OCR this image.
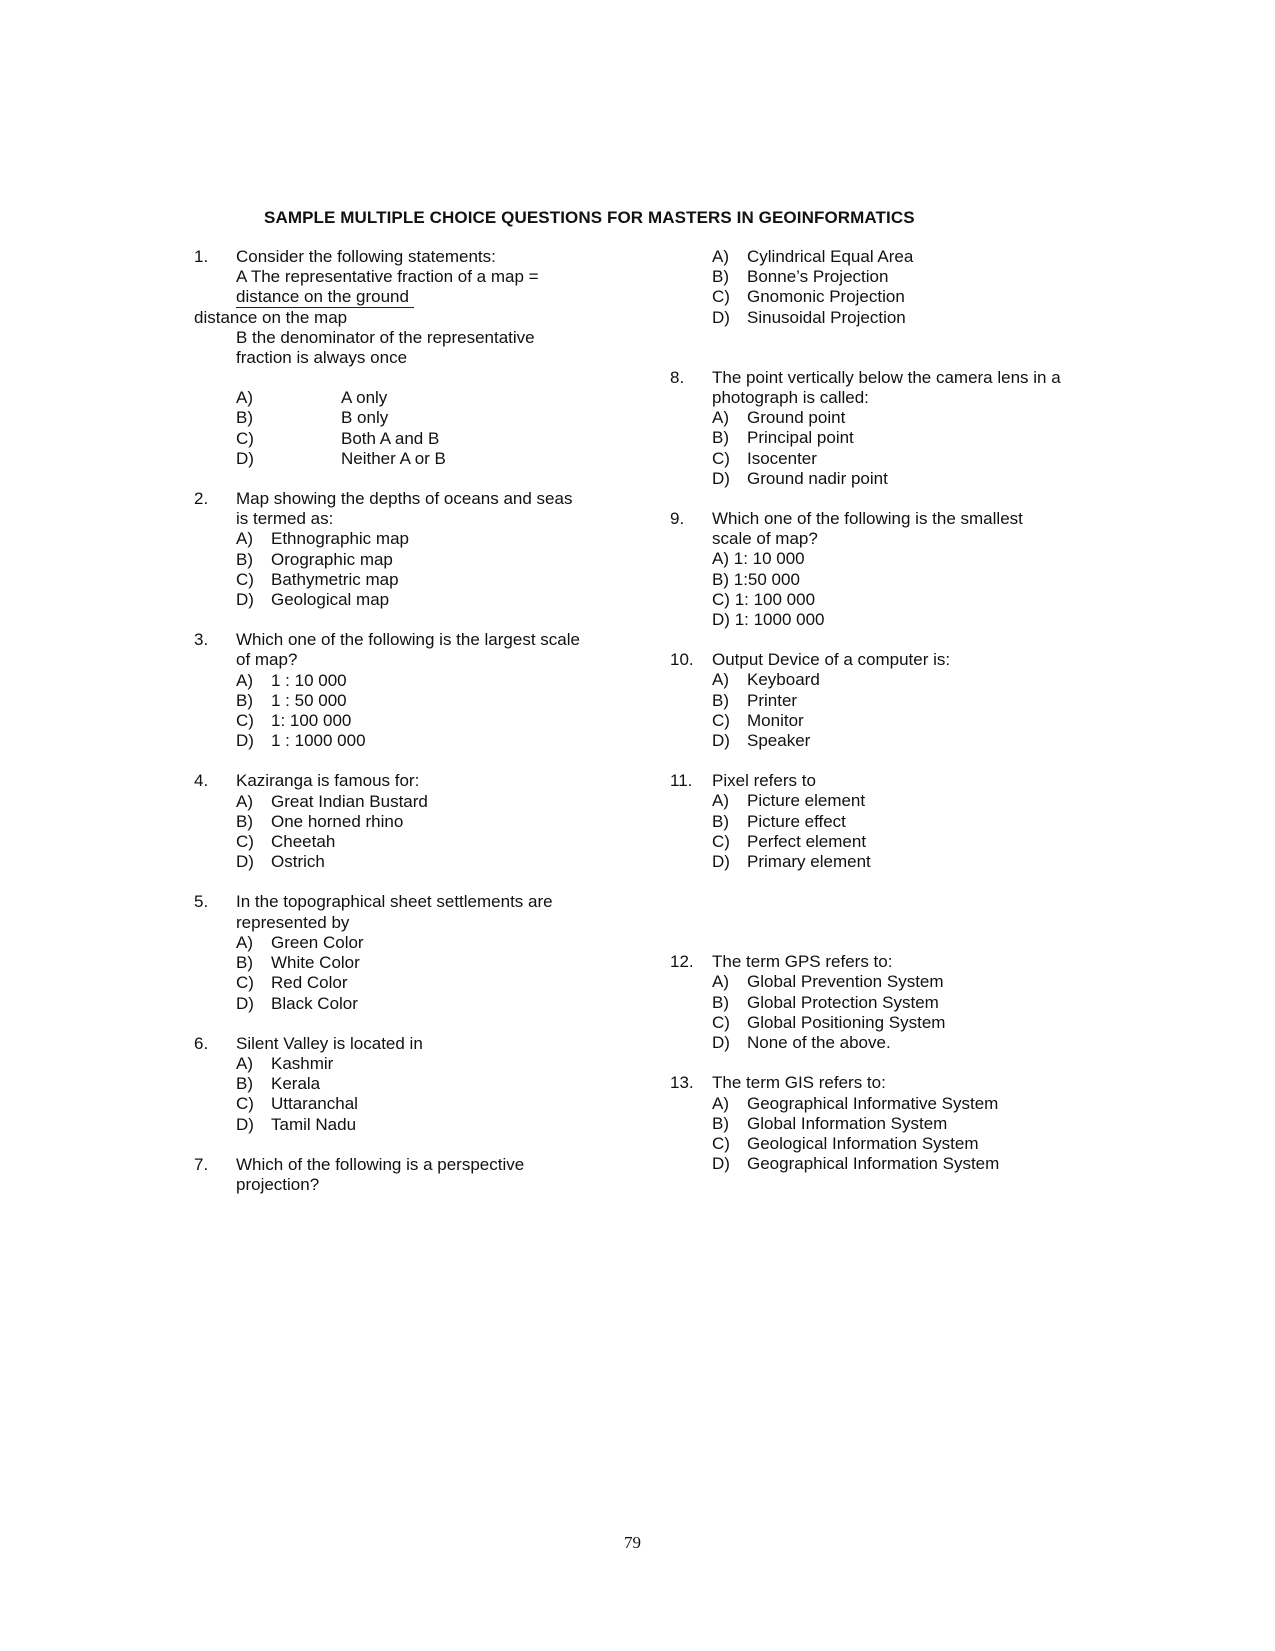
SAMPLE MULTIPLE CHOICE QUESTIONS FOR MASTERS IN GEOINFORMATICS
1. Consider the following statements:
A The representative fraction of a map =
distance on the ground
distance on the map
B the denominator of the representative
fraction is always once
A)	A only
B)	B only
C)	Both A and B
D)	Neither A or B
2. Map showing the depths of oceans and seas
is termed as:
A) Ethnographic map
B) Orographic map
C) Bathymetric map
D) Geological map
3. Which one of the following is the largest scale
of map?
A) 1 : 10 000
B) 1 : 50 000
C) 1: 100 000
D) 1 : 1000 000
4. Kaziranga is famous for:
A) Great Indian Bustard
B) One horned rhino
C) Cheetah
D) Ostrich
5. In the topographical sheet settlements are
represented by
A) Green Color
B) White Color
C) Red Color
D) Black Color
6. Silent Valley is located in
A) Kashmir
B) Kerala
C) Uttaranchal
D) Tamil Nadu
7. Which of the following is a perspective
projection?
A) Cylindrical Equal Area
B) Bonne’s Projection
C) Gnomonic Projection
D) Sinusoidal Projection
8. The point vertically below the camera lens in a
photograph is called:
A) Ground point
B) Principal point
C) Isocenter
D) Ground nadir point
9. Which one of the following is the smallest
scale of map?
A) 1: 10 000
B) 1:50 000
C) 1: 100 000
D) 1: 1000 000
10. Output Device of a computer is:
A) Keyboard
B) Printer
C) Monitor
D) Speaker
11. Pixel refers to
A) Picture element
B) Picture effect
C) Perfect element
D) Primary element
12. The term GPS refers to:
A) Global Prevention System
B) Global Protection System
C) Global Positioning System
D) None of the above.
13. The term GIS refers to:
A) Geographical Informative System
B) Global Information System
C) Geological Information System
D) Geographical Information System
79
